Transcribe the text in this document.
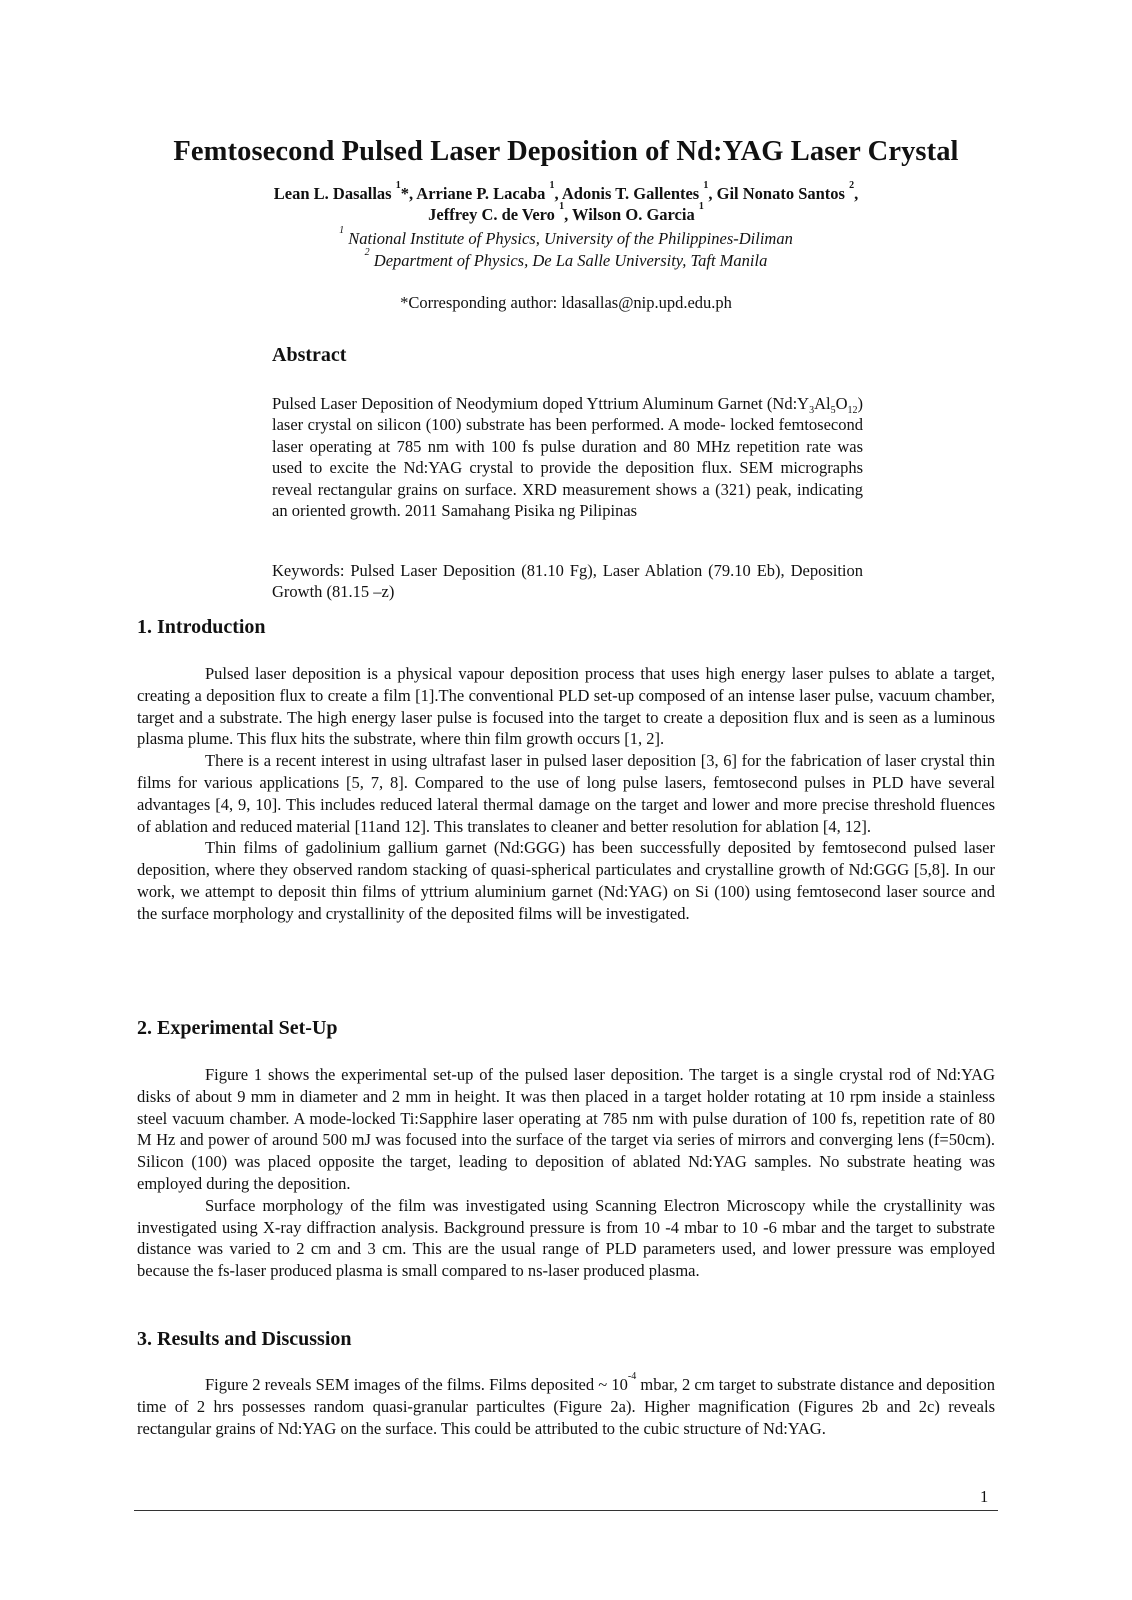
Femtosecond Pulsed Laser Deposition of Nd:YAG Laser Crystal
Lean L. Dasallas $^1$*, Arriane P. Lacaba $^1$, Adonis T. Gallentes $^1$, Gil Nonato Santos $^2$,
Jeffrey C. de Vero $^1$, Wilson O. Garcia $^1$
$^1$ National Institute of Physics, University of the Philippines-Diliman
$^2$ Department of Physics, De La Salle University, Taft Manila
*Corresponding author: ldasallas@nip.upd.edu.ph
Abstract
Pulsed Laser Deposition of Neodymium doped Yttrium Aluminum Garnet $(Nd:Y_3Al_5O_{12})$ laser crystal on silicon (100) substrate has been performed. A mode- locked femtosecond laser operating at 785 nm with 100 fs pulse duration and 80 MHz repetition rate was used to excite the Nd:YAG crystal to provide the deposition flux. SEM micrographs reveal rectangular grains on surface. XRD measurement shows a (321) peak, indicating an oriented growth. 2011 Samahang Pisika ng Pilipinas
Keywords: Pulsed Laser Deposition (81.10 Fg), Laser Ablation (79.10 Eb), Deposition Growth (81.15 –z)
1. Introduction

Pulsed laser deposition is a physical vapour deposition process that uses high energy laser pulses to ablate a target, creating a deposition flux to create a film [1].The conventional PLD set-up composed of an intense laser pulse, vacuum chamber, target and a substrate. The high energy laser pulse is focused into the target to create a deposition flux and is seen as a luminous plasma plume. This flux hits the substrate, where thin film growth occurs [1, 2].

There is a recent interest in using ultrafast laser in pulsed laser deposition [3, 6] for the fabrication of laser crystal thin films for various applications [5, 7, 8]. Compared to the use of long pulse lasers, femtosecond pulses in PLD have several advantages [4, 9, 10]. This includes reduced lateral thermal damage on the target and lower and more precise threshold fluences of ablation and reduced material [11and 12]. This translates to cleaner and better resolution for ablation [4, 12].

Thin films of gadolinium gallium garnet (Nd:GGG) has been successfully deposited by femtosecond pulsed laser deposition, where they observed random stacking of quasi-spherical particulates and crystalline growth of Nd:GGG [5,8]. In our work, we attempt to deposit thin films of yttrium aluminium garnet (Nd:YAG) on Si (100) using femtosecond laser source and the surface morphology and crystallinity of the deposited films will be investigated.

2. Experimental Set-Up

Figure 1 shows the experimental set-up of the pulsed laser deposition. The target is a single crystal rod of Nd:YAG disks of about 9 mm in diameter and 2 mm in height. It was then placed in a target holder rotating at 10 rpm inside a stainless steel vacuum chamber. A mode-locked Ti:Sapphire laser operating at 785 nm with pulse duration of 100 fs, repetition rate of 80 M Hz and power of around 500 mJ was focused into the surface of the target via series of mirrors and converging lens (f=50cm). Silicon (100) was placed opposite the target, leading to deposition of ablated Nd:YAG samples. No substrate heating was employed during the deposition.

Surface morphology of the film was investigated using Scanning Electron Microscopy while the crystallinity was investigated using X-ray diffraction analysis. Background pressure is from 10 -4 mbar to 10 -6 mbar and the target to substrate distance was varied to 2 cm and 3 cm. This are the usual range of PLD parameters used, and lower pressure was employed because the fs-laser produced plasma is small compared to ns-laser produced plasma.

3. Results and Discussion

Figure 2 reveals SEM images of the films. Films deposited ~ $10^{-4}$ mbar, 2 cm target to substrate distance and deposition time of 2 hrs possesses random quasi-granular particultes (Figure 2a). Higher magnification (Figures 2b and 2c) reveals rectangular grains of Nd:YAG on the surface. This could be attributed to the cubic structure of Nd:YAG.

1
